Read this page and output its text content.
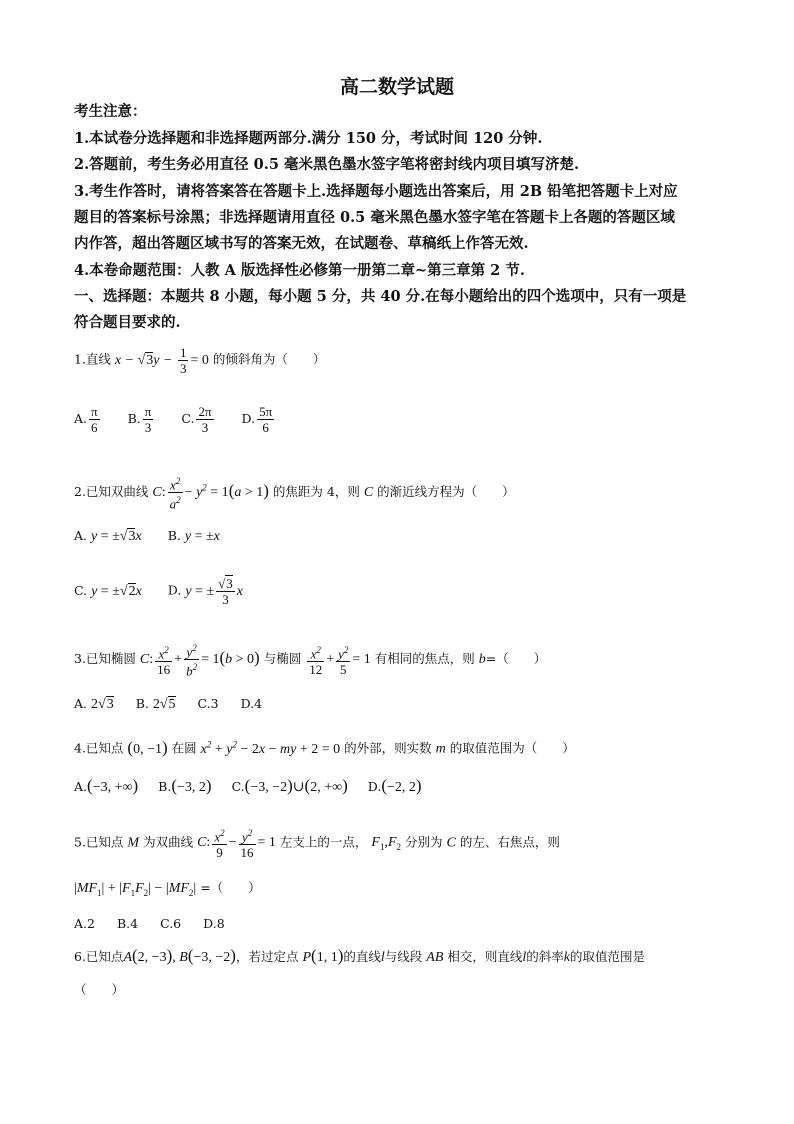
高二数学试题
考生注意：
1.本试卷分选择题和非选择题两部分.满分 150 分，考试时间 120 分钟.
2.答题前，考生务必用直径 0.5 毫米黑色墨水签字笔将密封线内项目填写济楚.
3.考生作答时，请将答案答在答题卡上.选择题每小题选出答案后，用 2B 铅笔把答题卡上对应
题目的答案标号涂黑；非选择题请用直径 0.5 毫米黑色墨水签字笔在答题卡上各题的答题区域
内作答，超出答题区域书写的答案无效，在试题卷、草稿纸上作答无效.
4.本卷命题范围：人教 A 版选择性必修第一册第二章~第三章第 2 节.
一、选择题：本题共 8 小题，每小题 5 分，共 40 分.在每小题给出的四个选项中，只有一项是
符合题目要求的.
1.直线 $x - √3y - \frac{1}{3} = 0$ 的倾斜角为（　　）
A. $\frac{\pi}{6} B$. $\frac{\pi}{3} C$. $\frac{2\pi}{3} D$. $\frac{5\pi}{6}$
2.已知双曲线 C: $\frac{x^2}{a^2} - y^2 = 1(a > 1)$ 的焦距为 4，则 C 的渐近线方程为（　　）
A. y = ±√3x B. y = ±x
C. y = ±√2x D. y = ± $\frac{√3}{3}$ x
3.已知椭圆 C: $\frac{x^2}{16} + \frac{y^2}{b^2} = 1(b > 0)$ 与椭圆 $\frac{x^2}{12} + \frac{y^2}{5} = 1$ 有相同的焦点，则 b=（　　）
A. 2√3 B. 2√5 C.3 D.4
4.已知点 (0, −1) 在圆 $x^2 + y^2 - 2x$ − my + 2 = 0 的外部，则实数 m 的取值范围为（　　）
A.(−3, +∞) B.(−3, 2) C.(−3, −2)∪(2, +∞) D.(−2, 2)
5.已知点 M 为双曲线 C: $\frac{x^2}{9} - \frac{y^2}{16} = 1$ 左支上的一点， $F_1,F_2$ 分别为 C 的左、右焦点，则
$|MF_1| + |F_1F_2| - |MF_2|$ =（　　）
A.2 B.4 C.6 D.8
6.已知点A(2, −3), B(−3, −2)，若过定点 P(1, 1)的直线l与线段 AB 相交，则直线l的斜率k的取值范围是
（　　）
